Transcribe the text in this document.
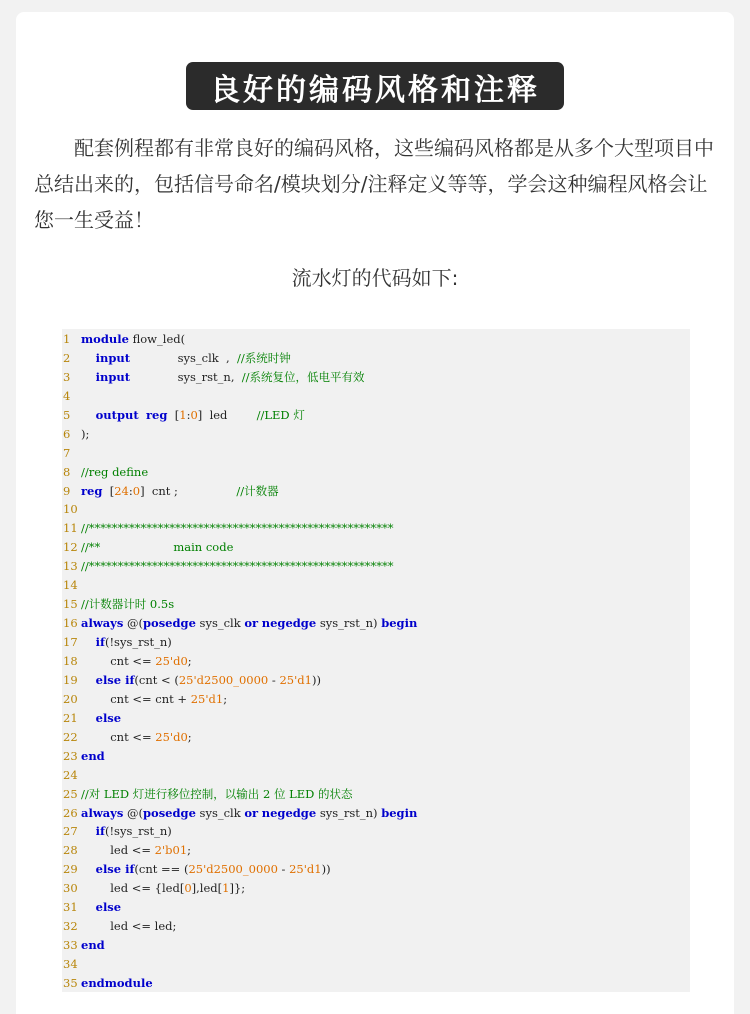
良好的编码风格和注释

配套例程都有非常良好的编码风格，这些编码风格都是从多个大型项目中总结出来的，包括信号命名/模块划分/注释定义等等，学会这种编程风格会让您一生受益！

流水灯的代码如下:
1 module flow_led(
2 input             sys_clk  ,  //系统时钟
3 input             sys_rst_n,  //系统复位，低电平有效
4
5 output reg  [1:0]  led        //LED 灯
6 );
7
8 //reg define
9 reg  [24:0]  cnt ;                //计数器
10
11 //*****************************************************
12 //**                    main code
13 //*****************************************************
14
15 //计数器计时 0.5s
16 always @(posedge sys_clk or negedge sys_rst_n) begin
17 if(!sys_rst_n)
18        cnt <= 25'd0;
19 else if(cnt < (25'd2500_0000 - 25'd1))
20        cnt <= cnt + 25'd1;
21 else
22        cnt <= 25'd0;
23 end
24
25 //对 LED 灯进行移位控制，以输出 2 位 LED 的状态
26 always @(posedge sys_clk or negedge sys_rst_n) begin
27 if(!sys_rst_n)
28        led <= 2'b01;
29 else if(cnt == (25'd2500_0000 - 25'd1))
30        led <= {led[0],led[1]};
31 else
32        led <= led;
33 end
34
35 endmodule
